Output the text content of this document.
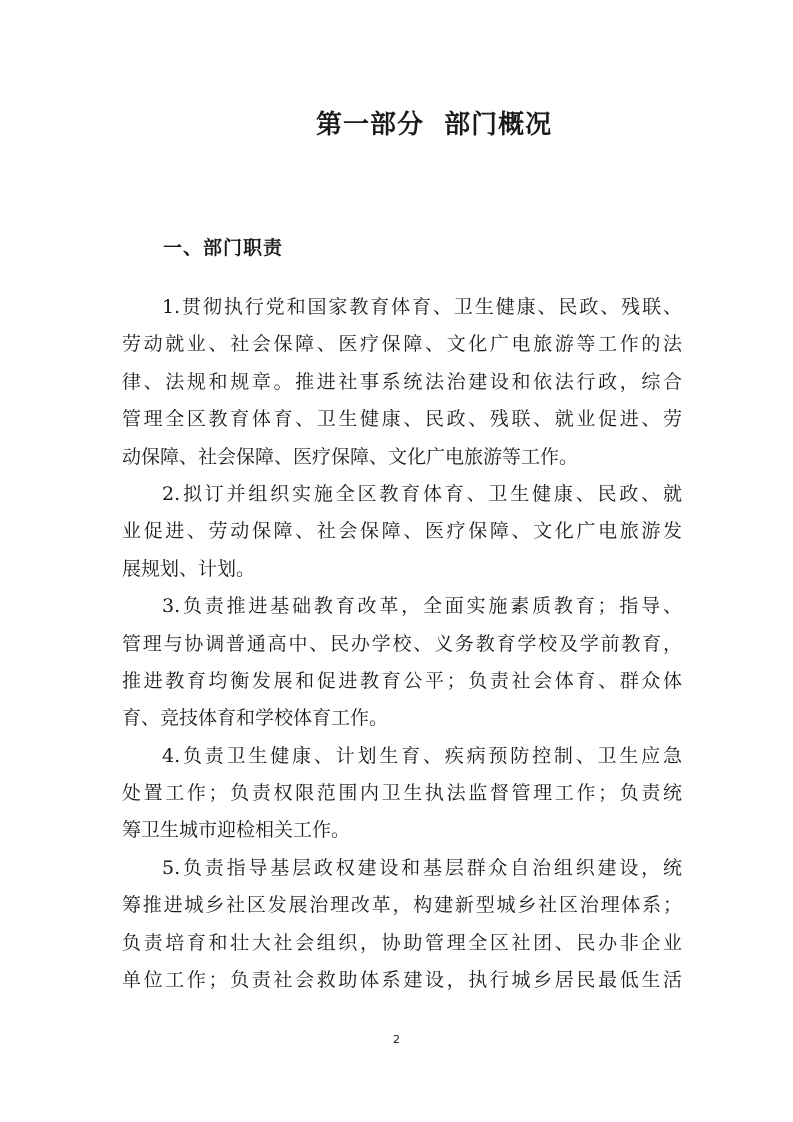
第一部分  部门概况
一、部门职责
1.贯彻执行党和国家教育体育、卫生健康、民政、残联、
劳动就业、社会保障、医疗保障、文化广电旅游等工作的法
律、法规和规章。推进社事系统法治建设和依法行政，综合
管理全区教育体育、卫生健康、民政、残联、就业促进、劳
动保障、社会保障、医疗保障、文化广电旅游等工作。
2.拟订并组织实施全区教育体育、卫生健康、民政、就
业促进、劳动保障、社会保障、医疗保障、文化广电旅游发
展规划、计划。
3.负责推进基础教育改革，全面实施素质教育；指导、
管理与协调普通高中、民办学校、义务教育学校及学前教育，
推进教育均衡发展和促进教育公平；负责社会体育、群众体
育、竞技体育和学校体育工作。
4.负责卫生健康、计划生育、疾病预防控制、卫生应急
处置工作；负责权限范围内卫生执法监督管理工作；负责统
筹卫生城市迎检相关工作。
5.负责指导基层政权建设和基层群众自治组织建设，统
筹推进城乡社区发展治理改革，构建新型城乡社区治理体系；
负责培育和壮大社会组织，协助管理全区社团、民办非企业
单位工作；负责社会救助体系建设，执行城乡居民最低生活
2
